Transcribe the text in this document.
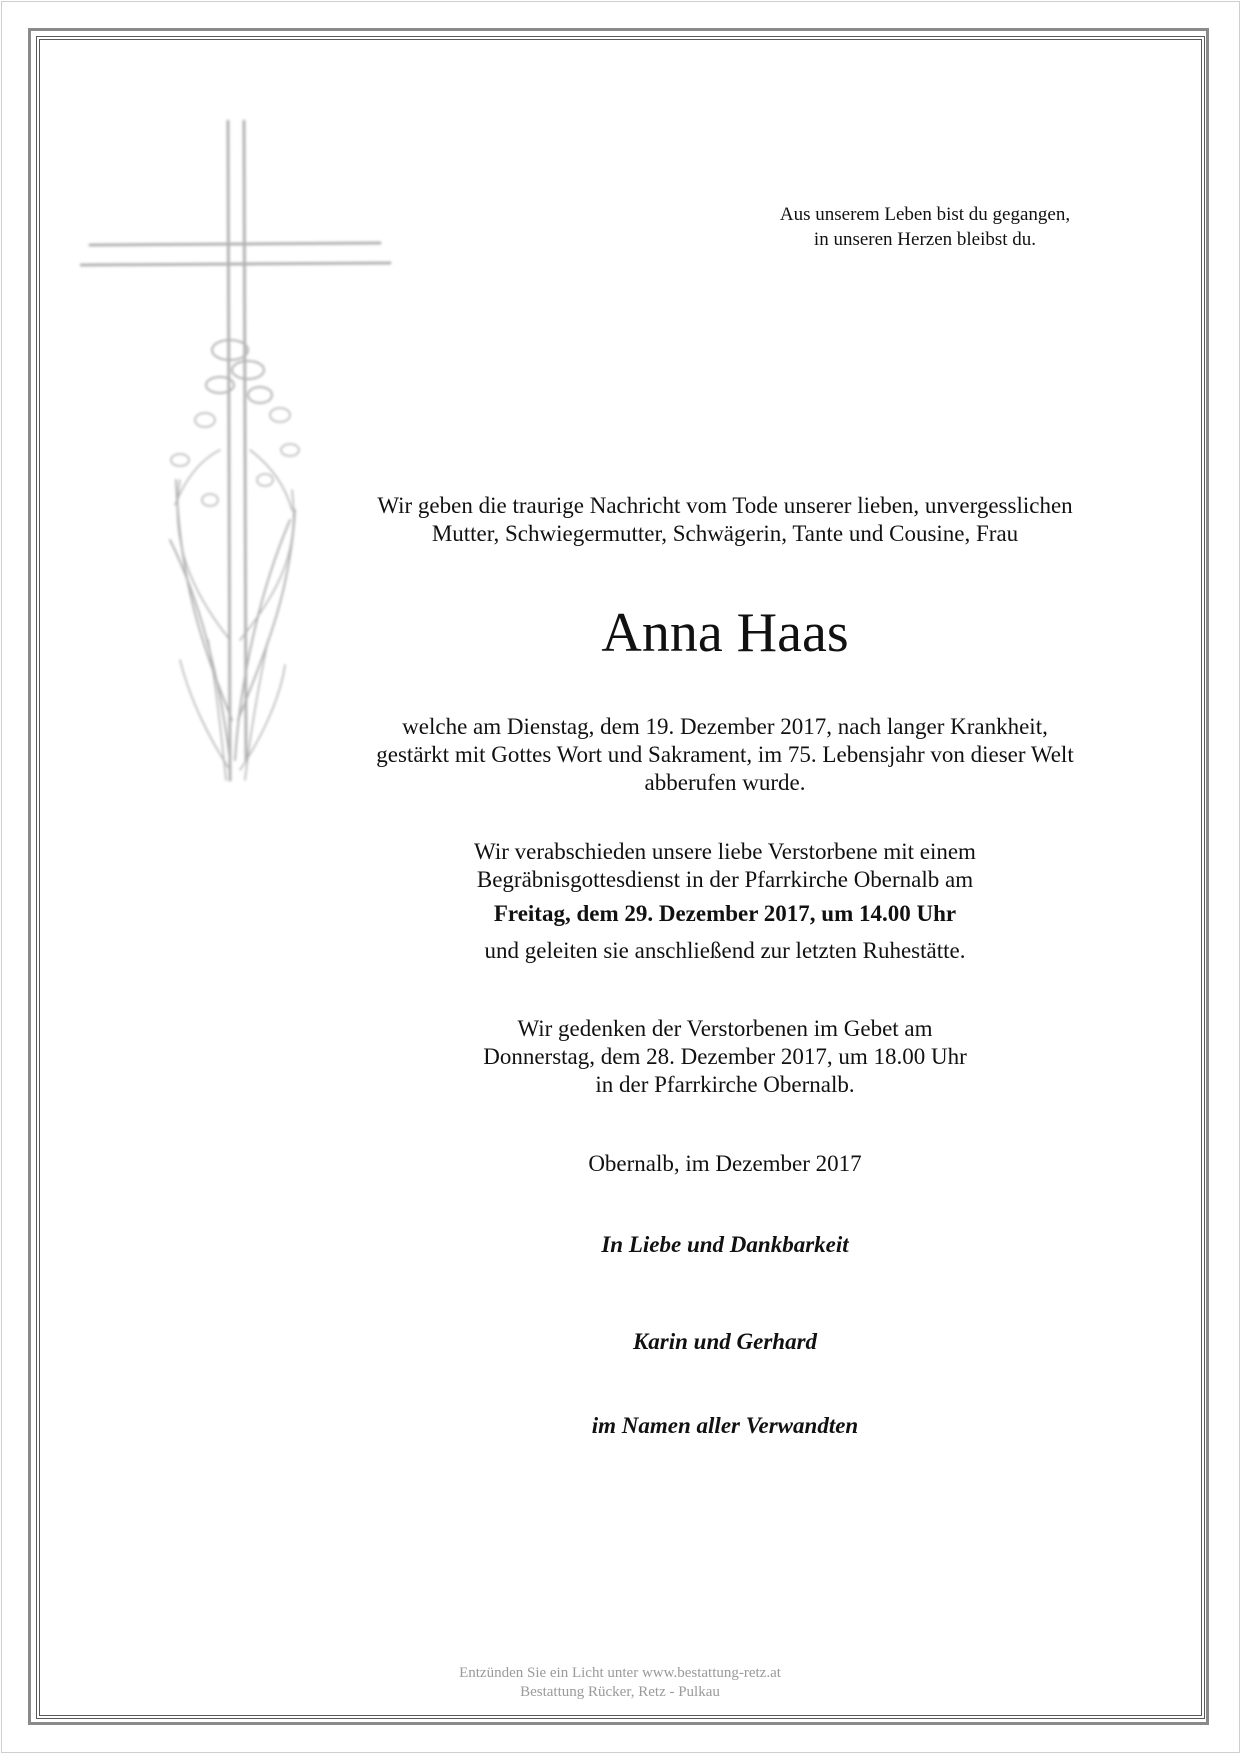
Aus unserem Leben bist du gegangen,
in unseren Herzen bleibst du.
Wir geben die traurige Nachricht vom Tode unserer lieben, unvergesslichen
Mutter, Schwiegermutter, Schwägerin, Tante und Cousine, Frau
Anna Haas
welche am Dienstag, dem 19. Dezember 2017, nach langer Krankheit,
gestärkt mit Gottes Wort und Sakrament, im 75. Lebensjahr von dieser Welt
abberufen wurde.
Wir verabschieden unsere liebe Verstorbene mit einem
Begräbnisgottesdienst in der Pfarrkirche Obernalb am
Freitag, dem 29. Dezember 2017, um 14.00 Uhr
und geleiten sie anschließend zur letzten Ruhestätte.
Wir gedenken der Verstorbenen im Gebet am
Donnerstag, dem 28. Dezember 2017, um 18.00 Uhr
in der Pfarrkirche Obernalb.
Obernalb, im Dezember 2017
In Liebe und Dankbarkeit
Karin und Gerhard
im Namen aller Verwandten
Entzünden Sie ein Licht unter www.bestattung-retz.at
Bestattung Rücker, Retz - Pulkau
